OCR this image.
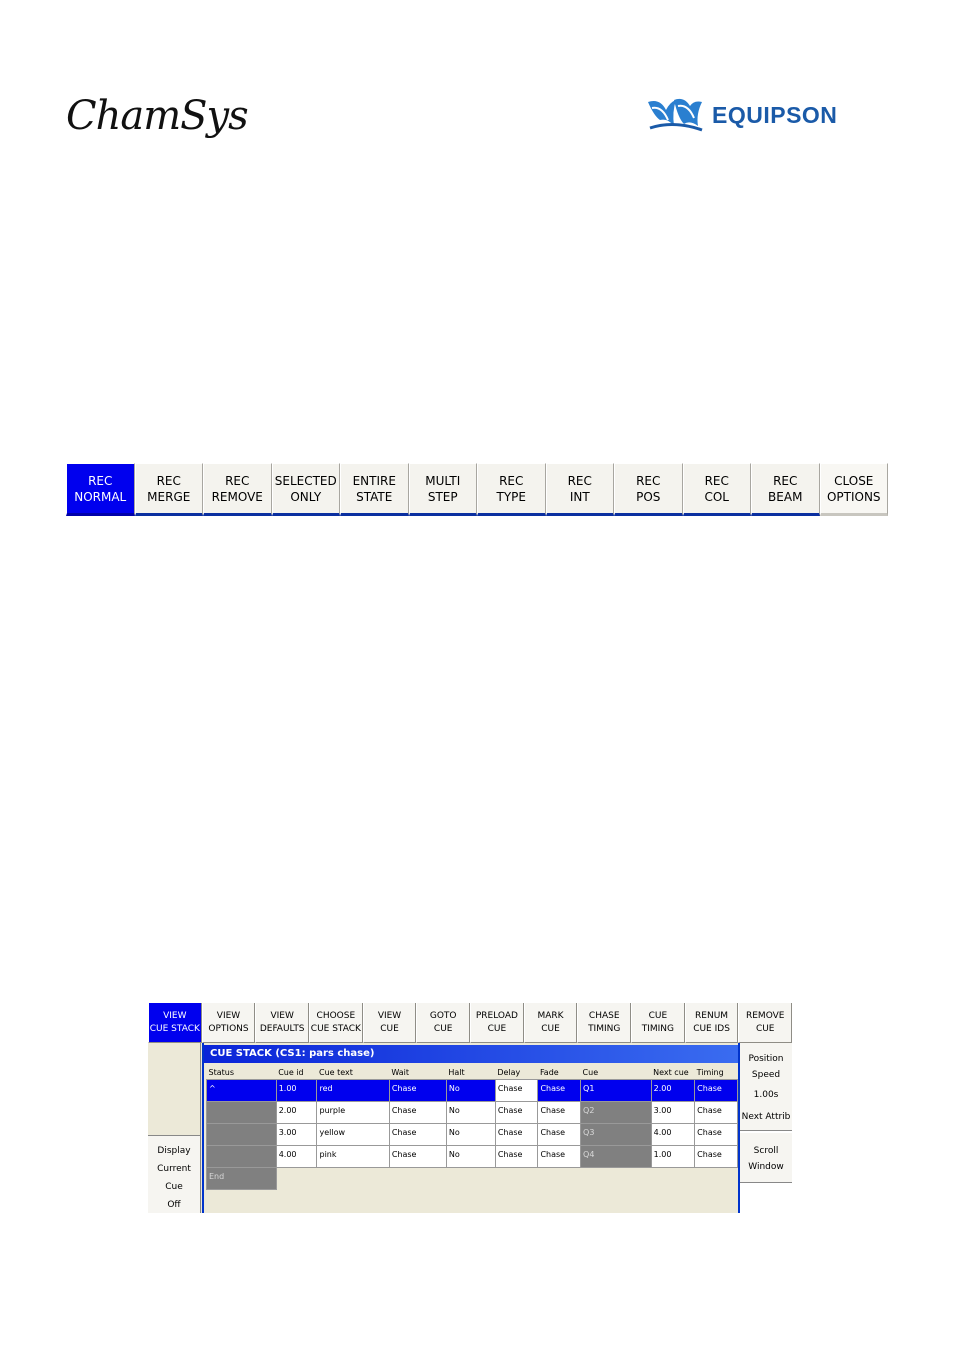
ChamSys	EQUIPSON
REC
NORMAL
REC
MERGE
REC
REMOVE
SELECTED
ONLY
ENTIRE
STATE
MULTI
STEP
REC
TYPE
REC
INT
REC
POS
REC
COL
REC
BEAM
CLOSE
OPTIONS
VIEW
CUE STACK
VIEW
OPTIONS
VIEW
DEFAULTS
CHOOSE
CUE STACK
VIEW
CUE
GOTO
CUE
PRELOAD
CUE
MARK
CUE
CHASE
TIMING
CUE
TIMING
RENUM
CUE IDS
REMOVE
CUE
Display
Current Cue
Off
CUE STACK (CS1: pars chase)
Status	Cue id	Cue text	Wait	Halt	Delay	Fade	Cue	Next cue	Timing
^	1.00	red	Chase	No	Chase	Chase	Q1	2.00	Chase
	2.00	purple	Chase	No	Chase	Chase	Q2	3.00	Chase
	3.00	yellow	Chase	No	Chase	Chase	Q3	4.00	Chase
	4.00	pink	Chase	No	Chase	Chase	Q4	1.00	Chase
End									
Position
Speed
1.00s
Next Attrib
Scroll
Window
